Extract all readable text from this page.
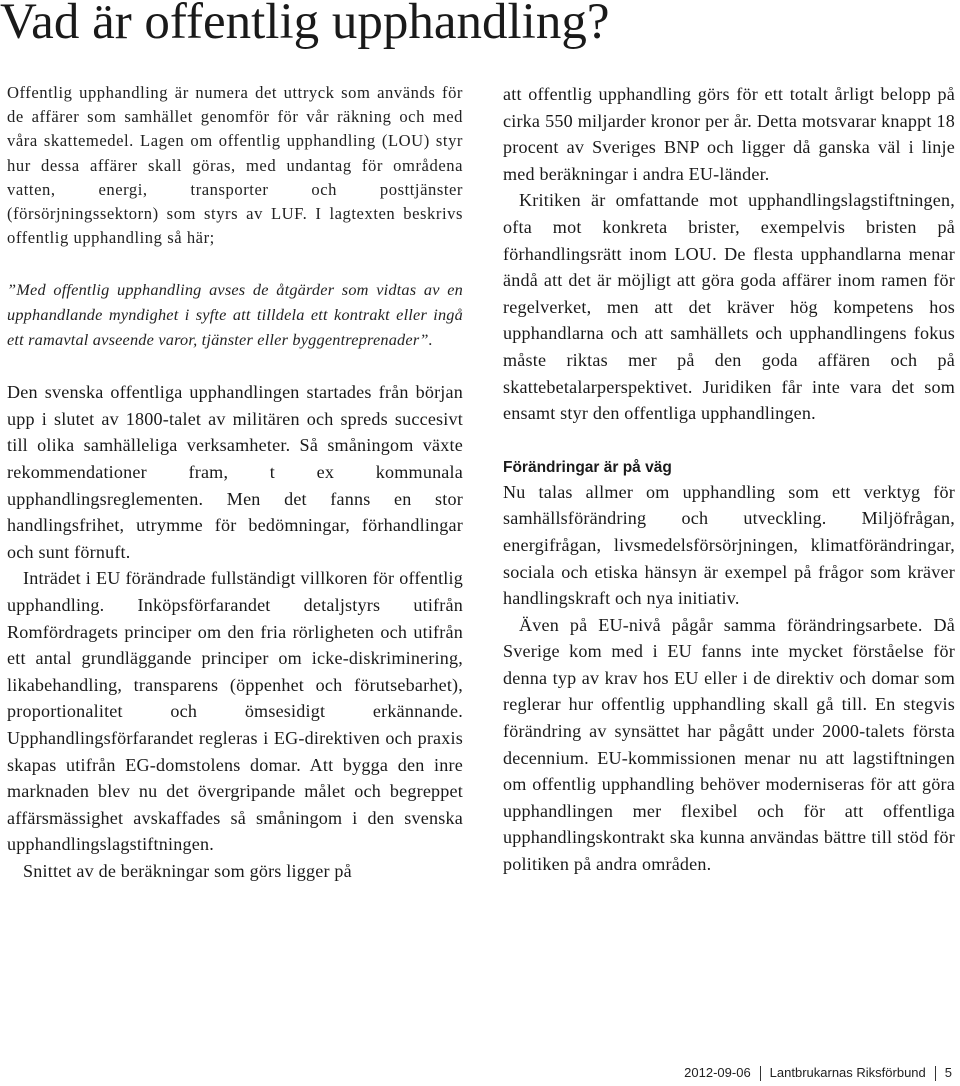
Vad är offentlig upphandling?

Offentlig upphandling är numera det uttryck som används för de affärer som samhället genomför för vår räkning och med våra skattemedel. Lagen om offentlig upphandling (LOU) styr hur dessa affärer skall göras, med undantag för områdena vatten, energi, transporter och posttjänster (försörjningssektorn) som styrs av LUF. I lagtexten beskrivs offentlig upphandling så här;

”Med offentlig upphandling avses de åtgärder som vidtas av en upphandlande myndighet i syfte att tilldela ett kontrakt eller ingå ett ramavtal avseende varor, tjänster eller byggentreprenader”.

Den svenska offentliga upphandlingen startades från början upp i slutet av 1800-talet av militären och spreds succesivt till olika samhälleliga verksamheter. Så småningom växte rekommendationer fram, t ex kommunala upphandlingsreglementen. Men det fanns en stor handlingsfrihet, utrymme för bedömningar, förhandlingar och sunt förnuft.

Inträdet i EU förändrade fullständigt villkoren för offentlig upphandling. Inköpsförfarandet detaljstyrs utifrån Romfördragets principer om den fria rörligheten och utifrån ett antal grundläggande principer om icke-diskriminering, likabehandling, transparens (öppenhet och förutsebarhet), proportionalitet och ömsesidigt erkännande. Upphandlingsförfarandet regleras i EG-direktiven och praxis skapas utifrån EG-domstolens domar. Att bygga den inre marknaden blev nu det övergripande målet och begreppet affärsmässighet avskaffades så småningom i den svenska upphandlingslagstiftningen.

Snittet av de beräkningar som görs ligger på

att offentlig upphandling görs för ett totalt årligt belopp på cirka 550 miljarder kronor per år. Detta motsvarar knappt 18 procent av Sveriges BNP och ligger då ganska väl i linje med beräkningar i andra EU-länder.

Kritiken är omfattande mot upphandlingslagstiftningen, ofta mot konkreta brister, exempelvis bristen på förhandlingsrätt inom LOU. De flesta upphandlarna menar ändå att det är möjligt att göra goda affärer inom ramen för regelverket, men att det kräver hög kompetens hos upphandlarna och att samhällets och upphandlingens fokus måste riktas mer på den goda affären och på skattebetalarperspektivet. Juridiken får inte vara det som ensamt styr den offentliga upphandlingen.

Förändringar är på väg

Nu talas allmer om upphandling som ett verktyg för samhällsförändring och utveckling. Miljöfrågan, energifrågan, livsmedelsförsörjningen, klimatförändringar, sociala och etiska hänsyn är exempel på frågor som kräver handlingskraft och nya initiativ.

Även på EU-nivå pågår samma förändringsarbete. Då Sverige kom med i EU fanns inte mycket förståelse för denna typ av krav hos EU eller i de direktiv och domar som reglerar hur offentlig upphandling skall gå till. En stegvis förändring av synsättet har pågått under 2000-talets första decennium. EU-kommissionen menar nu att lagstiftningen om offentlig upphandling behöver moderniseras för att göra upphandlingen mer flexibel och för att offentliga upphandlingskontrakt ska kunna användas bättre till stöd för politiken på andra områden.

2012-09-06 Lantbrukarnas Riksförbund 5
